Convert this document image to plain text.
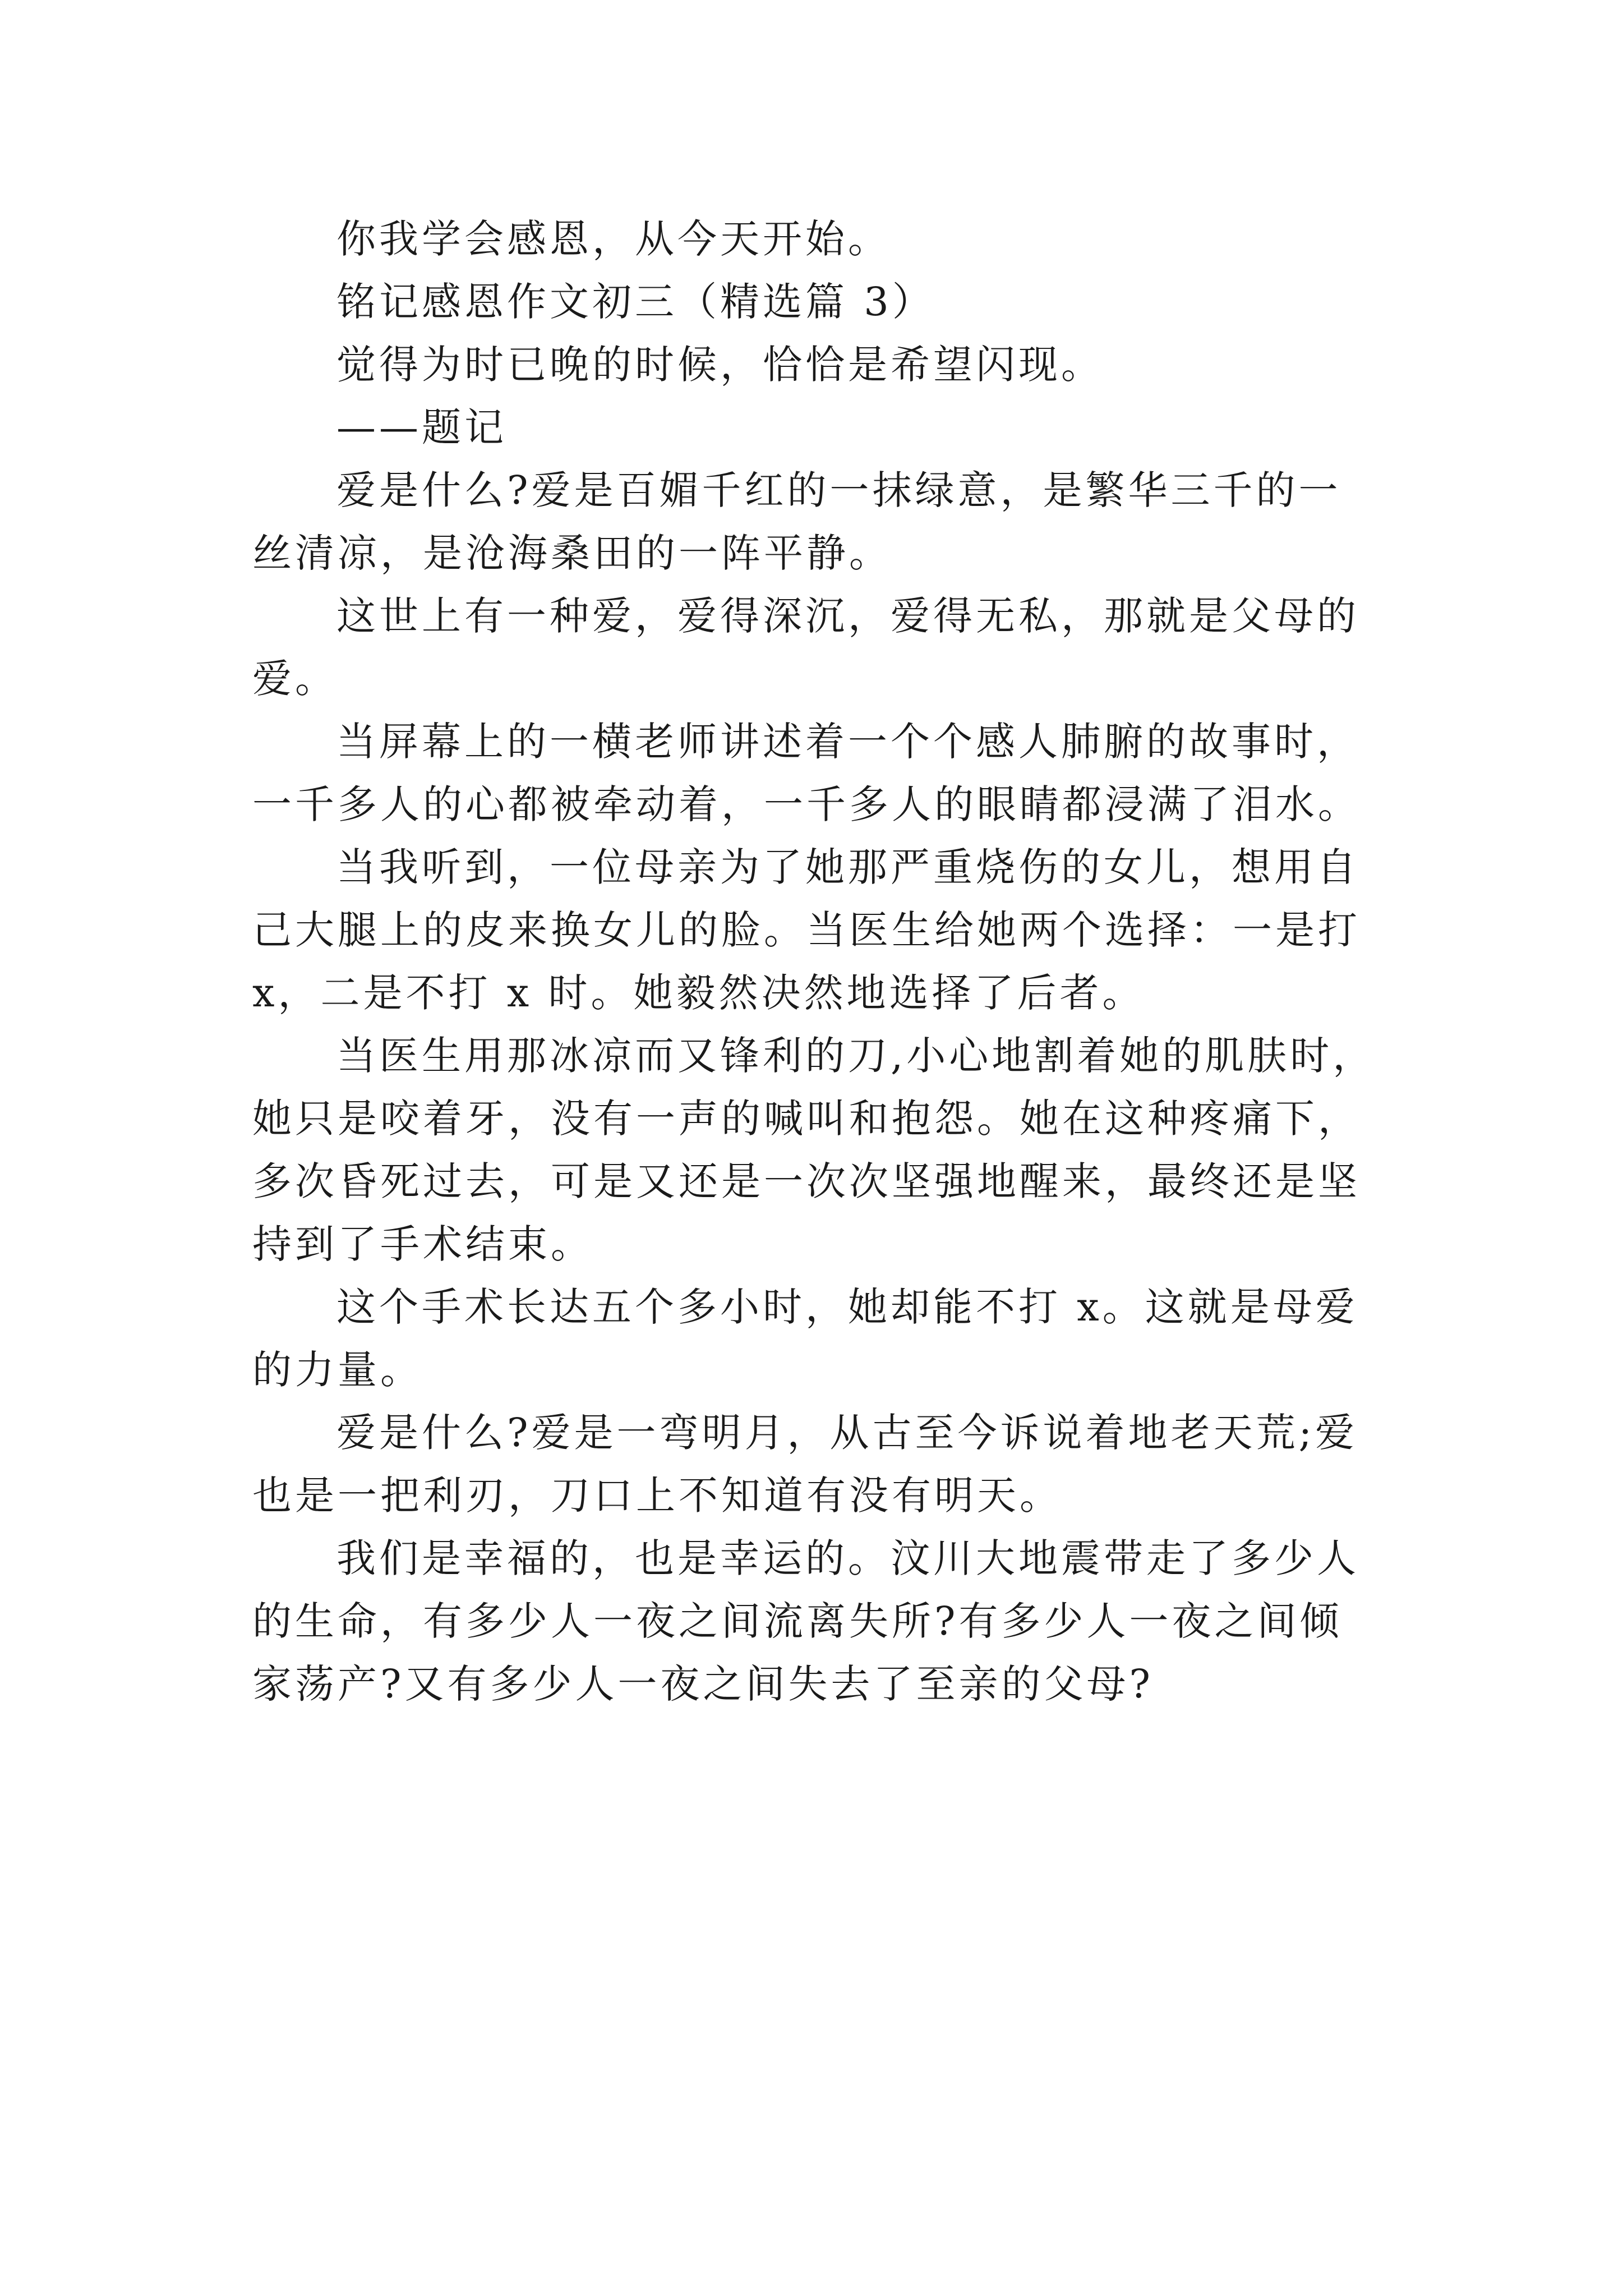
你我学会感恩，从今天开始。
铭记感恩作文初三（精选篇 3）
觉得为时已晚的时候，恰恰是希望闪现。
——题记
爱是什么?爱是百媚千红的一抹绿意，是繁华三千的一
丝清凉，是沧海桑田的一阵平静。
这世上有一种爱，爱得深沉，爱得无私，那就是父母的
爱。
当屏幕上的一横老师讲述着一个个感人肺腑的故事时，
一千多人的心都被牵动着，一千多人的眼睛都浸满了泪水。
当我听到，一位母亲为了她那严重烧伤的女儿，想用自
己大腿上的皮来换女儿的脸。当医生给她两个选择：一是打
x，二是不打 x 时。她毅然决然地选择了后者。
当医生用那冰凉而又锋利的刀,小心地割着她的肌肤时，
她只是咬着牙，没有一声的喊叫和抱怨。她在这种疼痛下，
多次昏死过去，可是又还是一次次坚强地醒来，最终还是坚
持到了手术结束。
这个手术长达五个多小时，她却能不打 x。这就是母爱
的力量。
爱是什么?爱是一弯明月，从古至今诉说着地老天荒;爱
也是一把利刃，刀口上不知道有没有明天。
我们是幸福的，也是幸运的。汶川大地震带走了多少人
的生命，有多少人一夜之间流离失所?有多少人一夜之间倾
家荡产?又有多少人一夜之间失去了至亲的父母?
